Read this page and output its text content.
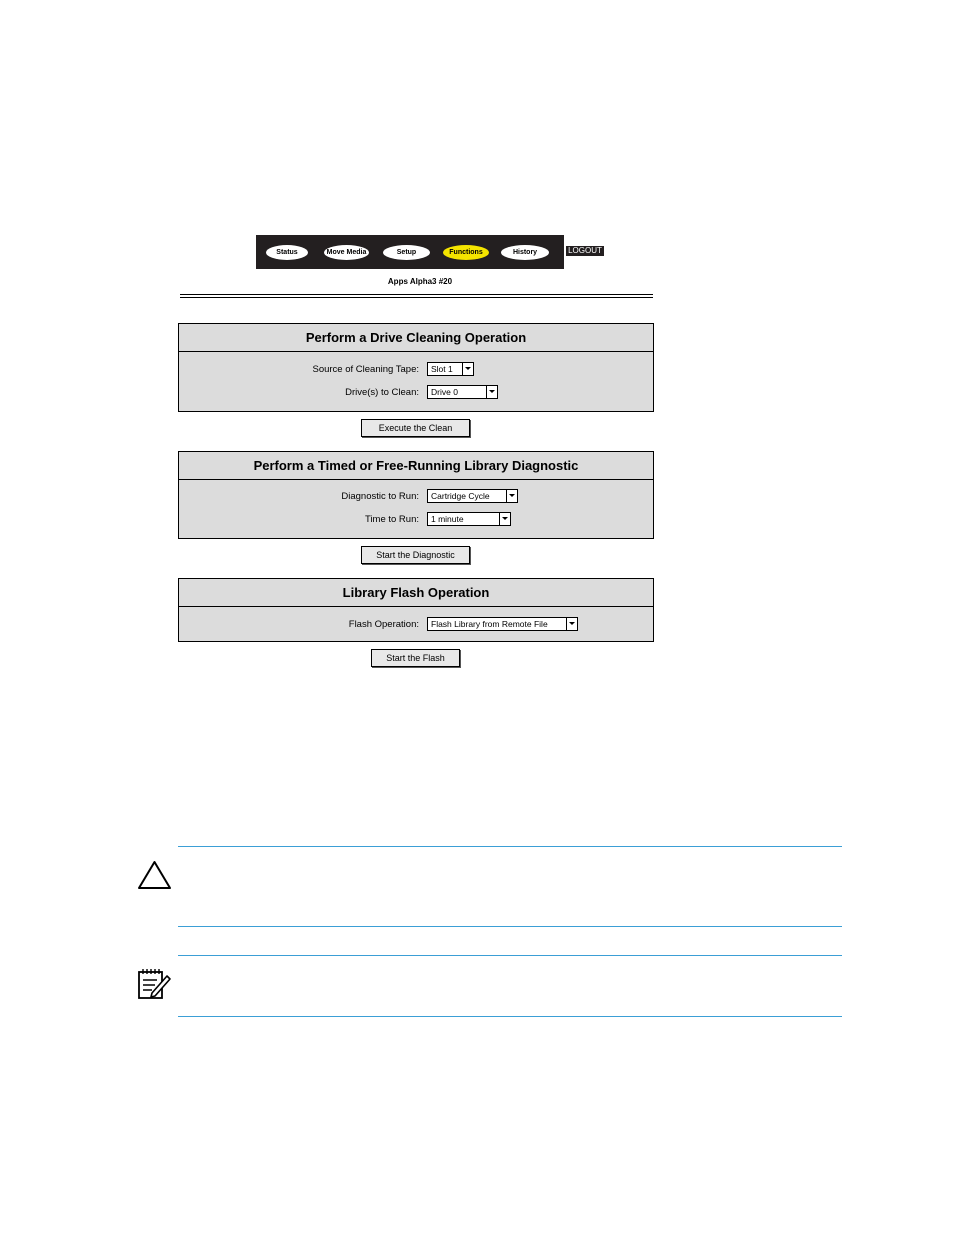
Status	Move Media	Setup	Functions	History	LOGOUT
Apps Alpha3 #20
Perform a Drive Cleaning Operation
Source of Cleaning Tape:	Slot 1
Drive(s) to Clean:	Drive 0
Execute the Clean
Perform a Timed or Free-Running Library Diagnostic
Diagnostic to Run:	Cartridge Cycle
Time to Run:	1 minute
Start the Diagnostic
Library Flash Operation
Flash Operation:	Flash Library from Remote File
Start the Flash
